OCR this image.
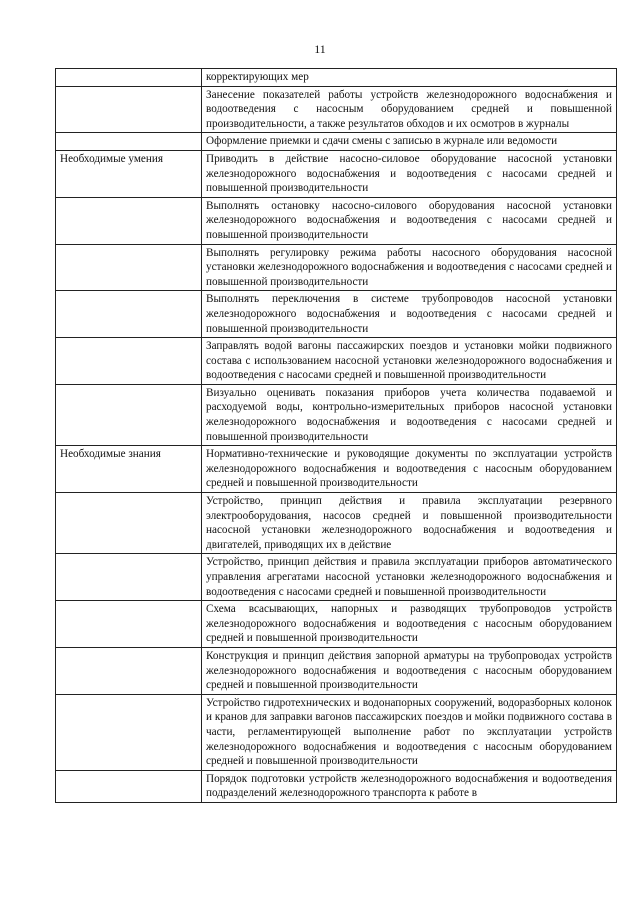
11
	корректирующих мер
	Занесение показателей работы устройств железнодорожного водоснабжения и водоотведения с насосным оборудованием средней и повышенной производительности, а также результатов обходов и их осмотров в журналы
	Оформление приемки и сдачи смены с записью в журнале или ведомости
Необходимые умения	Приводить в действие насосно-силовое оборудование насосной установки железнодорожного водоснабжения и водоотведения с насосами средней и повышенной производительности
	Выполнять остановку насосно-силового оборудования насосной установки железнодорожного водоснабжения и водоотведения с насосами средней и повышенной производительности
	Выполнять регулировку режима работы насосного оборудования насосной установки железнодорожного водоснабжения и водоотведения с насосами средней и повышенной производительности
	Выполнять переключения в системе трубопроводов насосной установки железнодорожного водоснабжения и водоотведения с насосами средней и повышенной производительности
	Заправлять водой вагоны пассажирских поездов и установки мойки подвижного состава с использованием насосной установки железнодорожного водоснабжения и водоотведения с насосами средней и повышенной производительности
	Визуально оценивать показания приборов учета количества подаваемой и расходуемой воды, контрольно-измерительных приборов насосной установки железнодорожного водоснабжения и водоотведения с насосами средней и повышенной производительности
Необходимые знания	Нормативно-технические и руководящие документы по эксплуатации устройств железнодорожного водоснабжения и водоотведения с насосным оборудованием средней и повышенной производительности
	Устройство, принцип действия и правила эксплуатации резервного электрооборудования, насосов средней и повышенной производительности насосной установки железнодорожного водоснабжения и водоотведения и двигателей, приводящих их в действие
	Устройство, принцип действия и правила эксплуатации приборов автоматического управления агрегатами насосной установки железнодорожного водоснабжения и водоотведения с насосами средней и повышенной производительности
	Схема всасывающих, напорных и разводящих трубопроводов устройств железнодорожного водоснабжения и водоотведения с насосным оборудованием средней и повышенной производительности
	Конструкция и принцип действия запорной арматуры на трубопроводах устройств железнодорожного водоснабжения и водоотведения с насосным оборудованием средней и повышенной производительности
	Устройство гидротехнических и водонапорных сооружений, водоразборных колонок и кранов для заправки вагонов пассажирских поездов и мойки подвижного состава в части, регламентирующей выполнение работ по эксплуатации устройств железнодорожного водоснабжения и водоотведения с насосным оборудованием средней и повышенной производительности
	Порядок подготовки устройств железнодорожного водоснабжения и водоотведения подразделений железнодорожного транспорта к работе в
